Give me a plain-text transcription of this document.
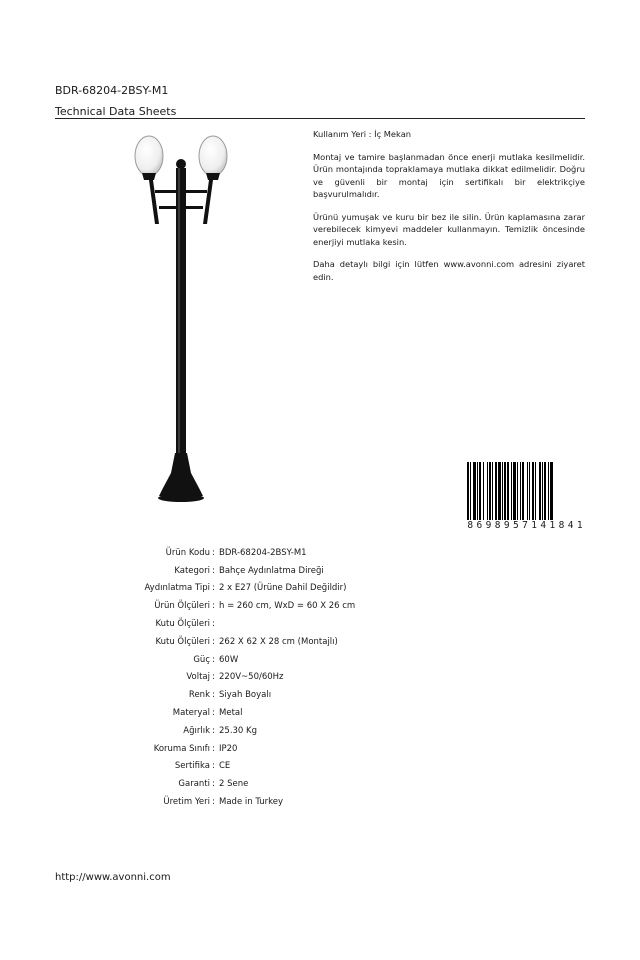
BDR-68204-2BSY-M1

Technical Data Sheets

Kullanım Yeri : İç Mekan

Montaj ve tamire başlanmadan önce enerji mutlaka kesilmelidir. Ürün montajında topraklamaya mutlaka dikkat edilmelidir. Doğru ve güvenli bir montaj için sertifikalı bir elektrikçiye başvurulmalıdır.

Ürünü yumuşak ve kuru bir bez ile silin. Ürün kaplamasına zarar verebilecek kimyevi maddeler kullanmayın. Temizlik öncesinde enerjiyi mutlaka kesin.

Daha detaylı bilgi için lütfen www.avonni.com adresini ziyaret edin.

8 6 9 8 9 5 7 1 4 1 8 4 1
Ürün Kodu : BDR-68204-2BSY-M1
Kategori : Bahçe Aydınlatma Direği
Aydınlatma Tipi : 2 x E27 (Ürüne Dahil Değildir)
Ürün Ölçüleri : h = 260 cm, WxD = 60 X 26 cm
Kutu Ölçüleri :
Kutu Ölçüleri : 262 X 62 X 28 cm (Montajlı)
Güç : 60W
Voltaj : 220V~50/60Hz
Renk : Siyah Boyalı
Materyal : Metal
Ağırlık : 25.30 Kg
Koruma Sınıfı : IP20
Sertifika : CE
Garanti : 2 Sene
Üretim Yeri : Made in Turkey
http://www.avonni.com
